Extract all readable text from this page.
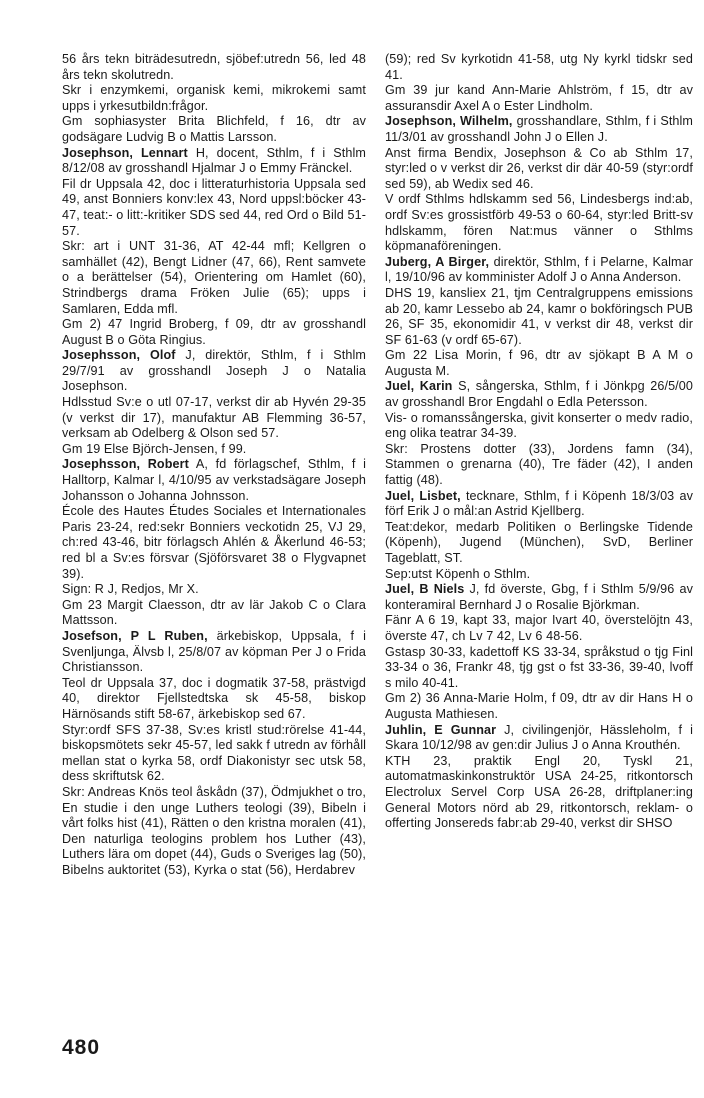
56 års tekn biträdesutredn, sjöbef:utredn 56, led 48 års tekn skolutredn.

Skr i enzymkemi, organisk kemi, mikrokemi samt upps i yrkesutbildn:frågor.

Gm sophiasyster Brita Blichfeld, f 16, dtr av godsägare Ludvig B o Mattis Larsson.

Josephson, Lennart H, docent, Sthlm, f i Sthlm 8/12/08 av grosshandl Hjalmar J o Emmy Fränckel.

Fil dr Uppsala 42, doc i litteraturhistoria Uppsala sed 49, anst Bonniers konv:lex 43, Nord uppsl:böcker 43-47, teat:- o litt:-kritiker SDS sed 44, red Ord o Bild 51-57.

Skr: art i UNT 31-36, AT 42-44 mfl; Kellgren o samhället (42), Bengt Lidner (47, 66), Rent samvete o a berättelser (54), Orientering om Hamlet (60), Strindbergs drama Fröken Julie (65); upps i Samlaren, Edda mfl.

Gm 2) 47 Ingrid Broberg, f 09, dtr av grosshandl August B o Göta Ringius.

Josephsson, Olof J, direktör, Sthlm, f i Sthlm 29/7/91 av grosshandl Joseph J o Natalia Josephson.

Hdlsstud Sv:e o utl 07-17, verkst dir ab Hyvén 29-35 (v verkst dir 17), manufaktur AB Flemming 36-57, verksam ab Odelberg & Olson sed 57.

Gm 19 Else Björch-Jensen, f 99.

Josephsson, Robert A, fd förlagschef, Sthlm, f i Halltorp, Kalmar l, 4/10/95 av verkstadsägare Joseph Johansson o Johanna Johnsson.

École des Hautes Études Sociales et Internationales Paris 23-24, red:sekr Bonniers veckotidn 25, VJ 29, ch:red 43-46, bitr förlagsch Ahlén & Åkerlund 46-53; red bl a Sv:es försvar (Sjöförsvaret 38 o Flygvapnet 39).

Sign: R J, Redjos, Mr X.

Gm 23 Margit Claesson, dtr av lär Jakob C o Clara Mattsson.

Josefson, P L Ruben, ärkebiskop, Uppsala, f i Svenljunga, Älvsb l, 25/8/07 av köpman Per J o Frida Christiansson.

Teol dr Uppsala 37, doc i dogmatik 37-58, prästvigd 40, direktor Fjellstedtska sk 45-58, biskop Härnösands stift 58-67, ärkebiskop sed 67.

Styr:ordf SFS 37-38, Sv:es kristl stud:rörelse 41-44, biskopsmötets sekr 45-57, led sakk f utredn av förhåll mellan stat o kyrka 58, ordf Diakonistyr sec utsk 58, dess skriftutsk 62.

Skr: Andreas Knös teol åskådn (37), Ödmjukhet o tro, En studie i den unge Luthers teologi (39), Bibeln i vårt folks hist (41), Rätten o den kristna moralen (41), Den naturliga teologins problem hos Luther (43), Luthers lära om dopet (44), Guds o Sveriges lag (50), Bibelns auktoritet (53), Kyrka o stat (56), Herdabrev

(59); red Sv kyrkotidn 41-58, utg Ny kyrkl tidskr sed 41.

Gm 39 jur kand Ann-Marie Ahlström, f 15, dtr av assuransdir Axel A o Ester Lindholm.

Josephson, Wilhelm, grosshandlare, Sthlm, f i Sthlm 11/3/01 av grosshandl John J o Ellen J.

Anst firma Bendix, Josephson & Co ab Sthlm 17, styr:led o v verkst dir 26, verkst dir där 40-59 (styr:ordf sed 59), ab Wedix sed 46.

V ordf Sthlms hdlskamm sed 56, Lindesbergs ind:ab, ordf Sv:es grossistförb 49-53 o 60-64, styr:led Britt-sv hdlskamm, fören Nat:mus vänner o Sthlms köpmanaföreningen.

Juberg, A Birger, direktör, Sthlm, f i Pelarne, Kalmar l, 19/10/96 av komminister Adolf J o Anna Anderson.

DHS 19, kansliex 21, tjm Centralgruppens emissions ab 20, kamr Lessebo ab 24, kamr o bokföringsch PUB 26, SF 35, ekonomidir 41, v verkst dir 48, verkst dir SF 61-63 (v ordf 65-67).

Gm 22 Lisa Morin, f 96, dtr av sjökapt B A M o Augusta M.

Juel, Karin S, sångerska, Sthlm, f i Jönkpg 26/5/00 av grosshandl Bror Engdahl o Edla Petersson.

Vis- o romanssångerska, givit konserter o medv radio, eng olika teatrar 34-39.

Skr: Prostens dotter (33), Jordens famn (34), Stammen o grenarna (40), Tre fäder (42), I anden fattig (48).

Juel, Lisbet, tecknare, Sthlm, f i Köpenh 18/3/03 av förf Erik J o mål:an Astrid Kjellberg.

Teat:dekor, medarb Politiken o Berlingske Tidende (Köpenh), Jugend (München), SvD, Berliner Tageblatt, ST.

Sep:utst Köpenh o Sthlm.

Juel, B Niels J, fd överste, Gbg, f i Sthlm 5/9/96 av konteramiral Bernhard J o Rosalie Björkman.

Fänr A 6 19, kapt 33, major Ivart 40, överstelöjtn 43, överste 47, ch Lv 7 42, Lv 6 48-56.

Gstasp 30-33, kadettoff KS 33-34, språkstud o tjg Finl 33-34 o 36, Frankr 48, tjg gst o fst 33-36, 39-40, lvoff s milo 40-41.

Gm 2) 36 Anna-Marie Holm, f 09, dtr av dir Hans H o Augusta Mathiesen.

Juhlin, E Gunnar J, civilingenjör, Hässleholm, f i Skara 10/12/98 av gen:dir Julius J o Anna Krouthén.

KTH 23, praktik Engl 20, Tyskl 21, automatmaskinkonstruktör USA 24-25, ritkontorsch Electrolux Servel Corp USA 26-28, driftplaner:ing General Motors nörd ab 29, ritkontorsch, reklam- o offerting Jonsereds fabr:ab 29-40, verkst dir SHSO

480
